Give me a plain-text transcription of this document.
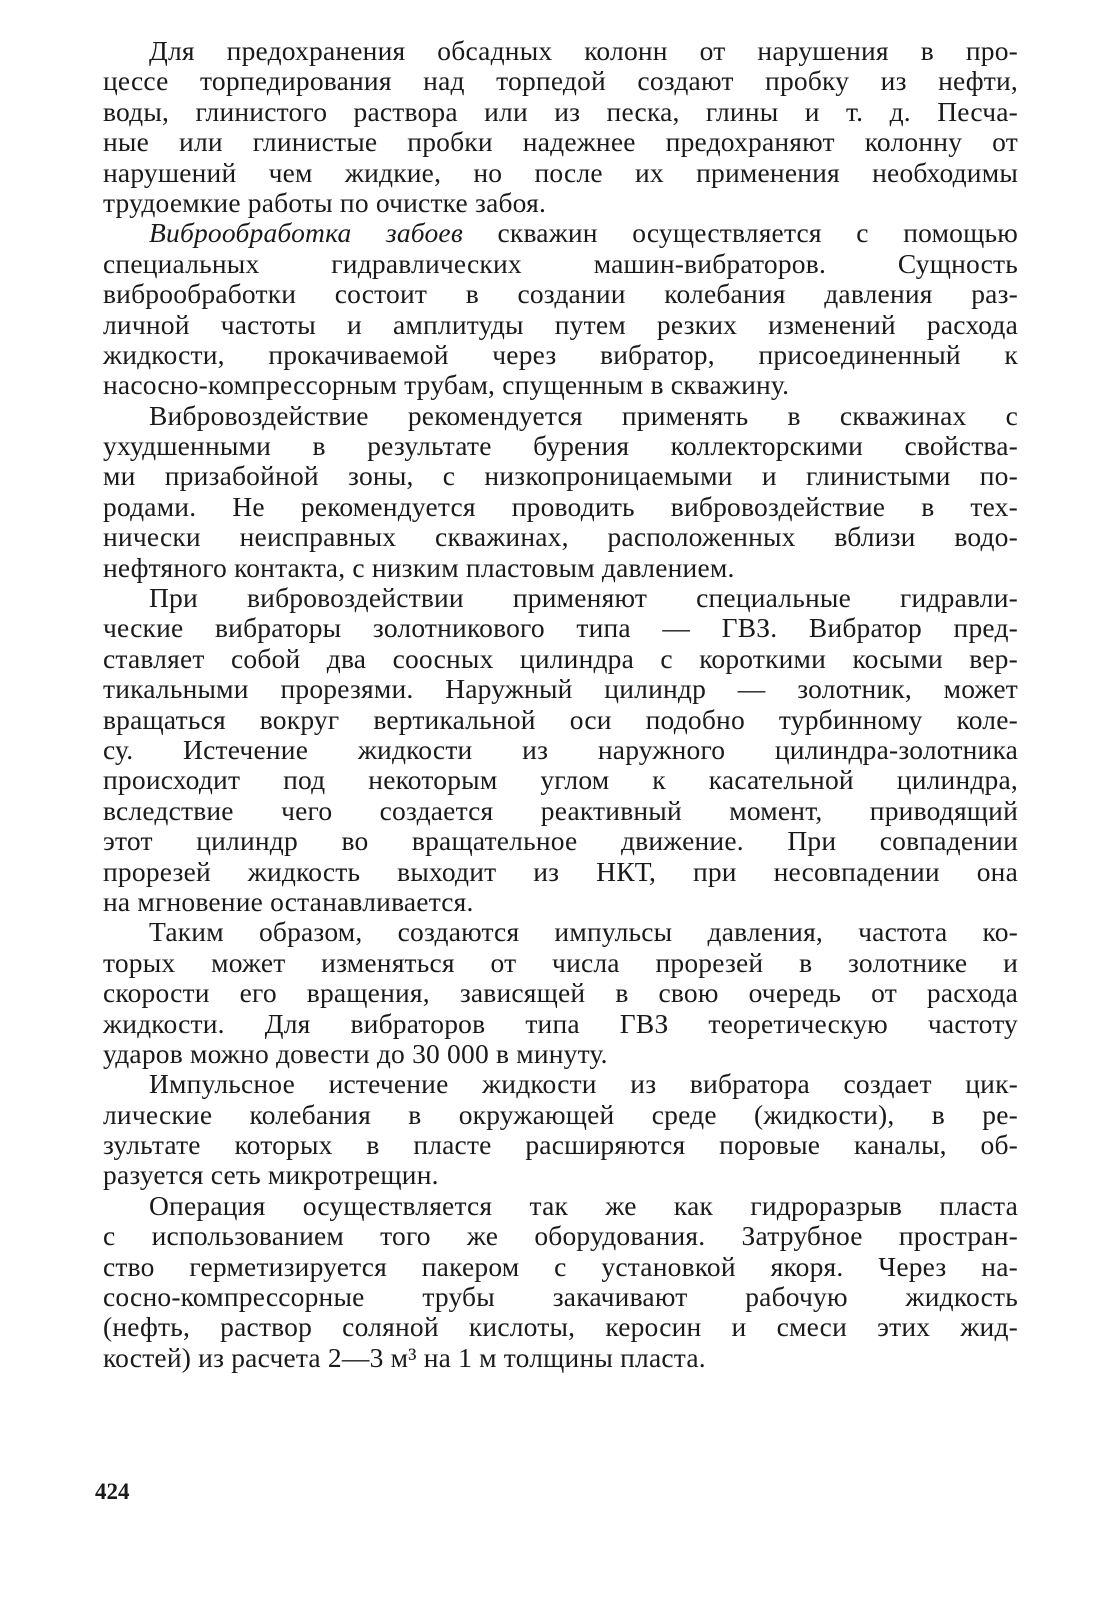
Для предохранения обсадных колонн от нарушения в про-
цессе торпедирования над торпедой создают пробку из нефти,
воды, глинистого раствора или из песка, глины и т. д. Песча-
ные или глинистые пробки надежнее предохраняют колонну от
нарушений чем жидкие, но после их применения необходимы
трудоемкие работы по очистке забоя.
Виброобработка забоев скважин осуществляется с помощью
специальных гидравлических машин-вибраторов. Сущность
виброобработки состоит в создании колебания давления раз-
личной частоты и амплитуды путем резких изменений расхода
жидкости, прокачиваемой через вибратор, присоединенный к
насосно-компрессорным трубам, спущенным в скважину.
Вибровоздействие рекомендуется применять в скважинах с
ухудшенными в результате бурения коллекторскими свойства-
ми призабойной зоны, с низкопроницаемыми и глинистыми по-
родами. Не рекомендуется проводить вибровоздействие в тех-
нически неисправных скважинах, расположенных вблизи водо-
нефтяного контакта, с низким пластовым давлением.
При вибровоздействии применяют специальные гидравли-
ческие вибраторы золотникового типа — ГВЗ. Вибратор пред-
ставляет собой два соосных цилиндра с короткими косыми вер-
тикальными прорезями. Наружный цилиндр — золотник, может
вращаться вокруг вертикальной оси подобно турбинному коле-
су. Истечение жидкости из наружного цилиндра-золотника
происходит под некоторым углом к касательной цилиндра,
вследствие чего создается реактивный момент, приводящий
этот цилиндр во вращательное движение. При совпадении
прорезей жидкость выходит из НКТ, при несовпадении она
на мгновение останавливается.
Таким образом, создаются импульсы давления, частота ко-
торых может изменяться от числа прорезей в золотнике и
скорости его вращения, зависящей в свою очередь от расхода
жидкости. Для вибраторов типа ГВЗ теоретическую частоту
ударов можно довести до 30 000 в минуту.
Импульсное истечение жидкости из вибратора создает цик-
лические колебания в окружающей среде (жидкости), в ре-
зультате которых в пласте расширяются поровые каналы, об-
разуется сеть микротрещин.
Операция осуществляется так же как гидроразрыв пласта
с использованием того же оборудования. Затрубное простран-
ство герметизируется пакером с установкой якоря. Через на-
сосно-компрессорные трубы закачивают рабочую жидкость
(нефть, раствор соляной кислоты, керосин и смеси этих жид-
костей) из расчета 2—3 м³ на 1 м толщины пласта.
424
